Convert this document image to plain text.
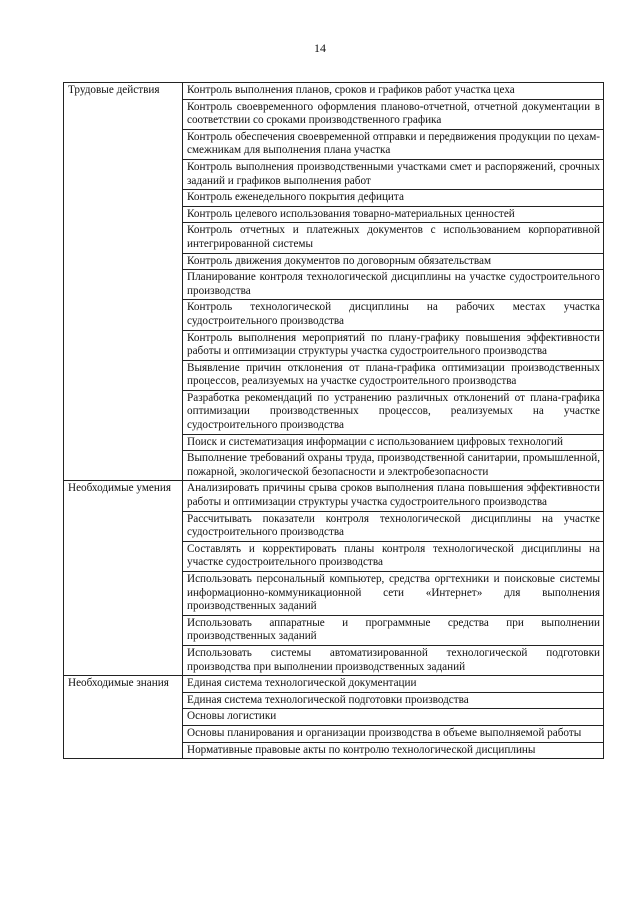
14
Трудовые действия	Контроль выполнения планов, сроков и графиков работ участка цеха
	Контроль своевременного оформления планово-отчетной, отчетной документации в соответствии со сроками производственного графика
	Контроль обеспечения своевременной отправки и передвижения продукции по цехам-смежникам для выполнения плана участка
	Контроль выполнения производственными участками смет и распоряжений, срочных заданий и графиков выполнения работ
	Контроль еженедельного покрытия дефицита
	Контроль целевого использования товарно-материальных ценностей
	Контроль отчетных и платежных документов с использованием корпоративной интегрированной системы
	Контроль движения документов по договорным обязательствам
	Планирование контроля технологической дисциплины на участке судостроительного производства
	Контроль технологической дисциплины на рабочих местах участка судостроительного производства
	Контроль выполнения мероприятий по плану-графику повышения эффективности работы и оптимизации структуры участка судостроительного производства
	Выявление причин отклонения от плана-графика оптимизации производственных процессов, реализуемых на участке судостроительного производства
	Разработка рекомендаций по устранению различных отклонений от плана-графика оптимизации производственных процессов, реализуемых на участке судостроительного производства
	Поиск и систематизация информации с использованием цифровых технологий
	Выполнение требований охраны труда, производственной санитарии, промышленной, пожарной, экологической безопасности и электробезопасности
Необходимые умения	Анализировать причины срыва сроков выполнения плана повышения эффективности работы и оптимизации структуры участка судостроительного производства
	Рассчитывать показатели контроля технологической дисциплины на участке судостроительного производства
	Составлять и корректировать планы контроля технологической дисциплины на участке судостроительного производства
	Использовать персональный компьютер, средства оргтехники и поисковые системы информационно-коммуникационной сети «Интернет» для выполнения производственных заданий
	Использовать аппаратные и программные средства при выполнении производственных заданий
	Использовать системы автоматизированной технологической подготовки производства при выполнении производственных заданий
Необходимые знания	Единая система технологической документации
	Единая система технологической подготовки производства
	Основы логистики
	Основы планирования и организации производства в объеме выполняемой работы
	Нормативные правовые акты по контролю технологической дисциплины
